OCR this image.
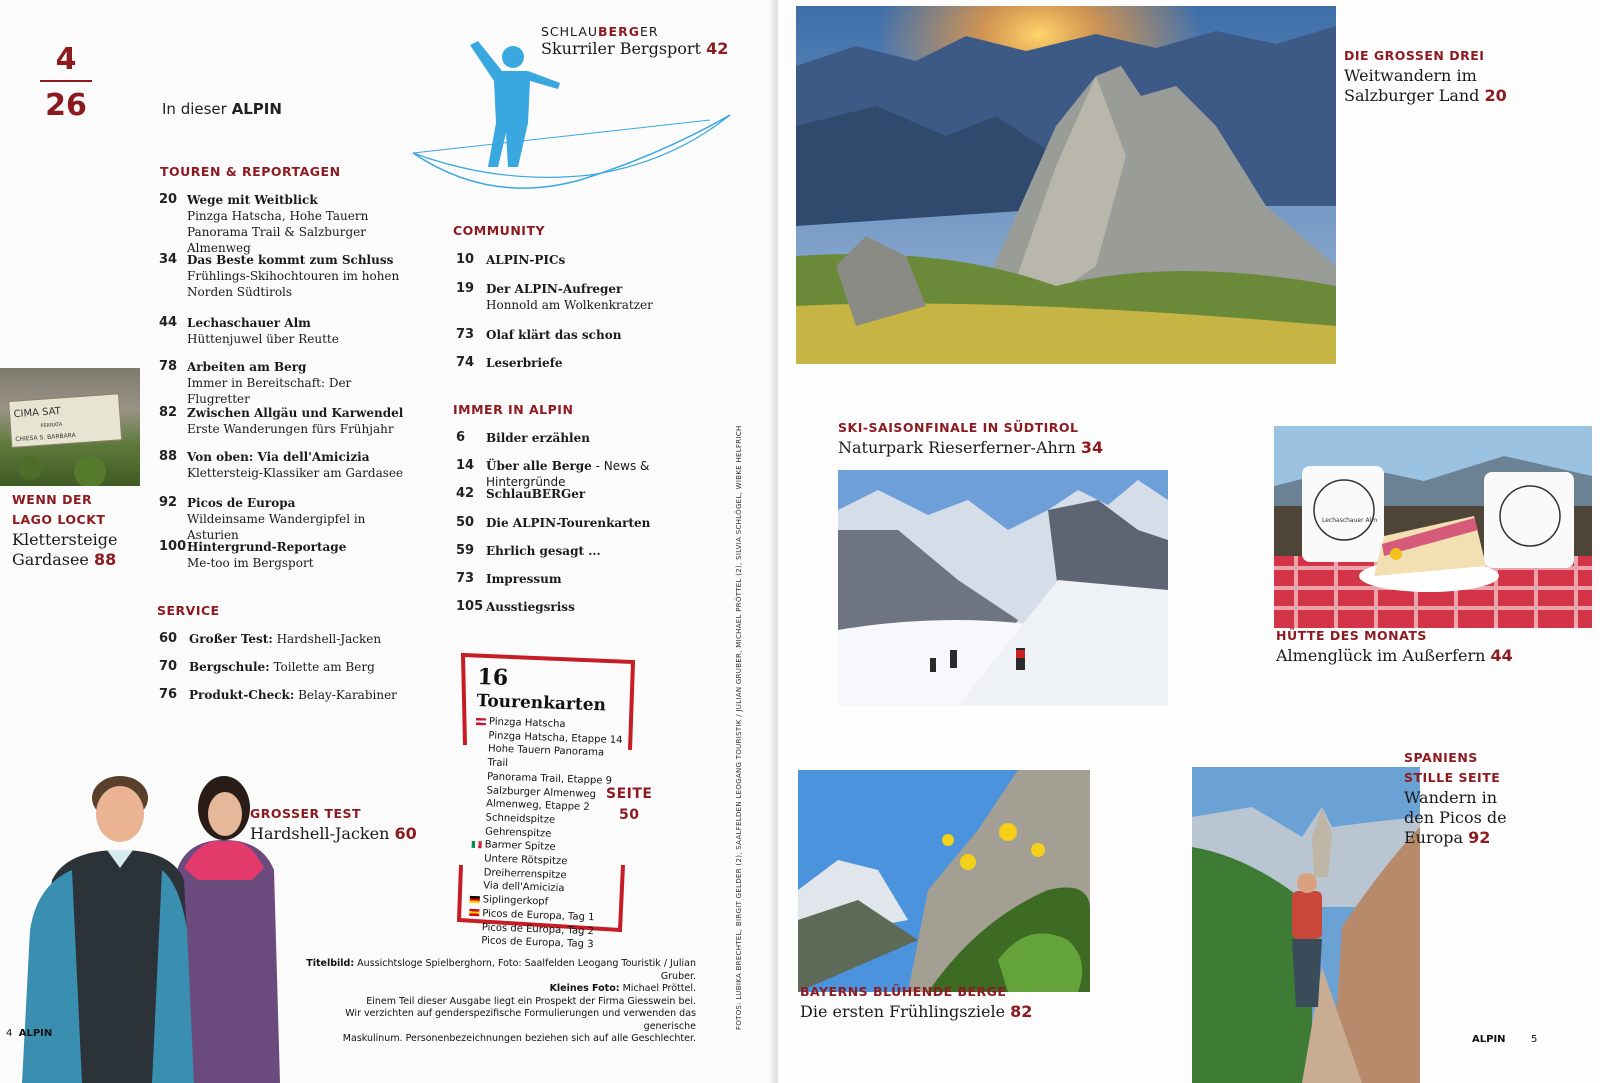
4
26	In dieser ALPIN
TOUREN & REPORTAGEN
20 Wege mit Weitblick
Pinzga Hatscha, Hohe Tauern Panorama Trail & Salzburger Almenweg
34 Das Beste kommt zum Schluss
Frühlings-Skihochtouren im hohen Norden Südtirols
44 Lechaschauer Alm
Hüttenjuwel über Reutte
78 Arbeiten am Berg
Immer in Bereitschaft: Der Flugretter
82 Zwischen Allgäu und Karwendel
Erste Wanderungen fürs Frühjahr
88 Von oben: Via dell'Amicizia
Klettersteig-Klassiker am Gardasee
92 Picos de Europa
Wildeinsame Wandergipfel in Asturien
100 Hintergrund-Reportage
Me-too im Bergsport
SERVICE
60 Großer Test: Hardshell-Jacken
70 Bergschule: Toilette am Berg
76 Produkt-Check: Belay-Karabiner
CIMA SAT
FERRATA
CHIESA S. BARBARA
WENN DER
LAGO LOCKT
Klettersteige
Gardasee 88
SCHLAUBERGER
Skurriler Bergsport 42
COMMUNITY
10 ALPIN-PICs
19 Der ALPIN-Aufreger
Honnold am Wolkenkratzer
73 Olaf klärt das schon
74 Leserbriefe
IMMER IN ALPIN
6 Bilder erzählen
14 Über alle Berge - News & Hintergründe
42 SchlauBERGer
50 Die ALPIN-Tourenkarten
59 Ehrlich gesagt ...
73 Impressum
105 Ausstiegsriss
16 Tourenkarten
Pinzga Hatscha
Pinzga Hatscha, Etappe 14
Hohe Tauern Panorama Trail
Panorama Trail, Etappe 9
Salzburger Almenweg
Almenweg, Etappe 2
Schneidspitze
Gehrenspitze
Barmer Spitze
Untere Rötspitze
Dreiherrenspitze
Via dell'Amicizia
Siplingerkopf
Picos de Europa, Tag 1
Picos de Europa, Tag 2
Picos de Europa, Tag 3
SEITE
50
GROSSER TEST
Hardshell-Jacken 60
Titelbild: Aussichtsloge Spielberghorn, Foto: Saalfelden Leogang Touristik / Julian Gruber.
Kleines Foto: Michael Pröttel.
Einem Teil dieser Ausgabe liegt ein Prospekt der Firma Giesswein bei.
Wir verzichten auf genderspezifische Formulierungen und verwenden das generische
Maskulinum. Personenbezeichnungen beziehen sich auf alle Geschlechter.
FOTOS: LUBIKA BRECHTEL, BIRGIT GELDER (2), SAALFELDEN LEOGANG TOURISTIK / JULIAN GRUBER, MICHAEL PRÖTTEL (2), SILVIA SCHLÖGEL, WIBKE HELFRICH
4 ALPIN
DIE GROSSEN DREI
Weitwandern im
Salzburger Land 20
SKI-SAISONFINALE IN SÜDTIROL
Naturpark Rieserferner-Ahrn 34
Lechaschauer Alm
HÜTTE DES MONATS
Almenglück im Außerfern 44
BAYERNS BLÜHENDE BERGE
Die ersten Frühlingsziele 82
SPANIENS
STILLE SEITE
Wandern in
den Picos de
Europa 92
ALPIN	5
